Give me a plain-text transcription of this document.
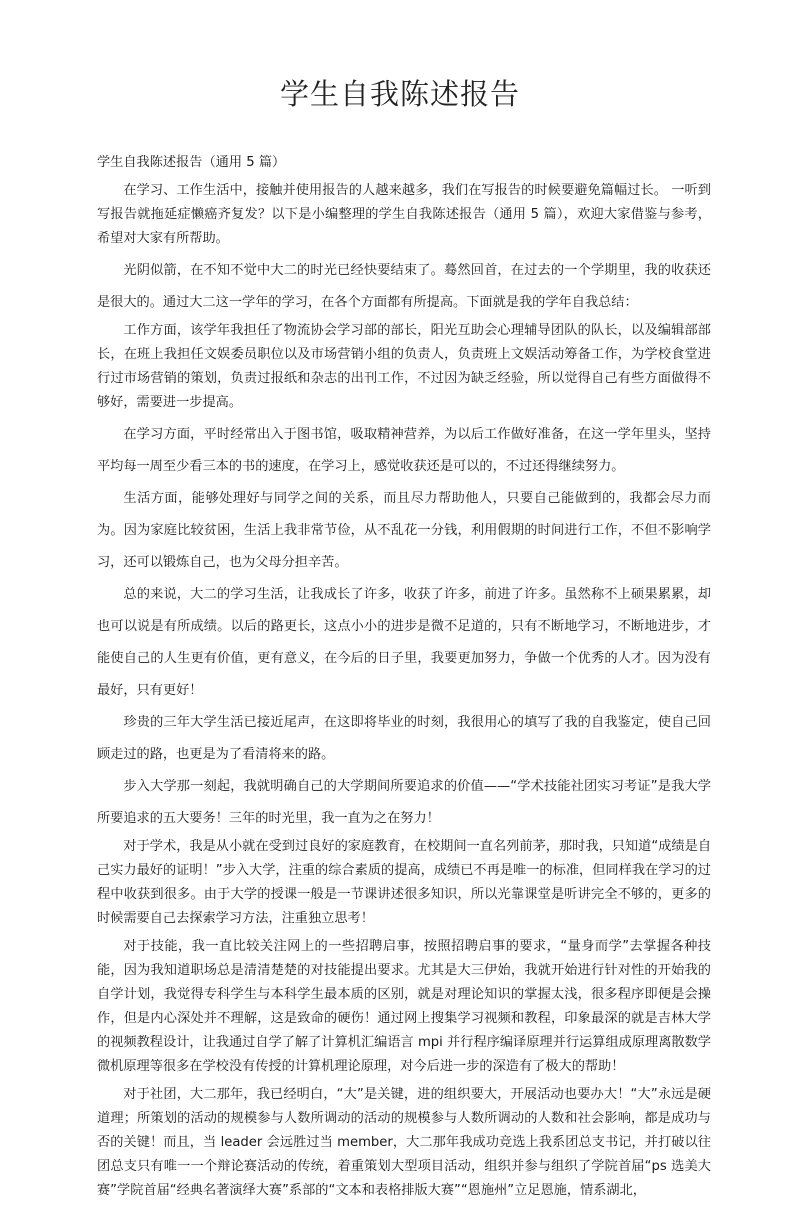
学生自我陈述报告

学生自我陈述报告（通用 5 篇）

在学习、工作生活中，接触并使用报告的人越来越多，我们在写报告的时候要避免篇幅过长。 一听到写报告就拖延症懒癌齐复发？以下是小编整理的学生自我陈述报告（通用 5 篇），欢迎大家借鉴与参考，希望对大家有所帮助。

光阴似箭，在不知不觉中大二的时光已经快要结束了。蓦然回首，在过去的一个学期里，我的收获还是很大的。通过大二这一学年的学习，在各个方面都有所提高。下面就是我的学年自我总结：

工作方面，该学年我担任了物流协会学习部的部长，阳光互助会心理辅导团队的队长，以及编辑部部长，在班上我担任文娱委员职位以及市场营销小组的负责人，负责班上文娱活动筹备工作，为学校食堂进行过市场营销的策划，负责过报纸和杂志的出刊工作，不过因为缺乏经验，所以觉得自己有些方面做得不够好，需要进一步提高。

在学习方面，平时经常出入于图书馆，吸取精神营养，为以后工作做好准备，在这一学年里头，坚持平均每一周至少看三本的书的速度，在学习上，感觉收获还是可以的，不过还得继续努力。

生活方面，能够处理好与同学之间的关系，而且尽力帮助他人，只要自己能做到的，我都会尽力而为。因为家庭比较贫困，生活上我非常节俭，从不乱花一分钱，利用假期的时间进行工作，不但不影响学习，还可以锻炼自己，也为父母分担辛苦。

总的来说，大二的学习生活，让我成长了许多，收获了许多，前进了许多。虽然称不上硕果累累，却也可以说是有所成绩。以后的路更长，这点小小的进步是微不足道的，只有不断地学习，不断地进步，才能使自己的人生更有价值，更有意义，在今后的日子里，我要更加努力，争做一个优秀的人才。因为没有最好，只有更好！

珍贵的三年大学生活已接近尾声，在这即将毕业的时刻，我很用心的填写了我的自我鉴定，使自己回顾走过的路，也更是为了看清将来的路。

步入大学那一刻起，我就明确自己的大学期间所要追求的价值——“学术技能社团实习考证”是我大学所要追求的五大要务！三年的时光里，我一直为之在努力！

对于学术，我是从小就在受到过良好的家庭教育，在校期间一直名列前茅，那时我，只知道“成绩是自己实力最好的证明！”步入大学，注重的综合素质的提高，成绩已不再是唯一的标准，但同样我在学习的过程中收获到很多。由于大学的授课一般是一节课讲述很多知识，所以光靠课堂是听讲完全不够的，更多的时候需要自己去探索学习方法，注重独立思考！

对于技能，我一直比较关注网上的一些招聘启事，按照招聘启事的要求，“量身而学”去掌握各种技能，因为我知道职场总是清清楚楚的对技能提出要求。尤其是大三伊始，我就开始进行针对性的开始我的自学计划，我觉得专科学生与本科学生最本质的区别，就是对理论知识的掌握太浅，很多程序即便是会操作，但是内心深处并不理解，这是致命的硬伤！通过网上搜集学习视频和教程，印象最深的就是吉林大学的视频教程设计，让我通过自学了解了计算机汇编语言 mpi 并行程序编译原理并行运算组成原理离散数学微机原理等很多在学校没有传授的计算机理论原理，对今后进一步的深造有了极大的帮助！

对于社团，大二那年，我已经明白，“大”是关键，进的组织要大，开展活动也要办大！“大”永远是硬道理；所策划的活动的规模参与人数所调动的活动的规模参与人数所调动的人数和社会影响，都是成功与否的关键！而且，当 leader 会远胜过当 member，大二那年我成功竞选上我系团总支书记，并打破以往团总支只有唯一一个辩论赛活动的传统，着重策划大型项目活动，组织并参与组织了学院首届“ps 选美大赛”学院首届“经典名著演绎大赛”系部的“文本和表格排版大赛”“恩施州”立足恩施，情系湖北，
